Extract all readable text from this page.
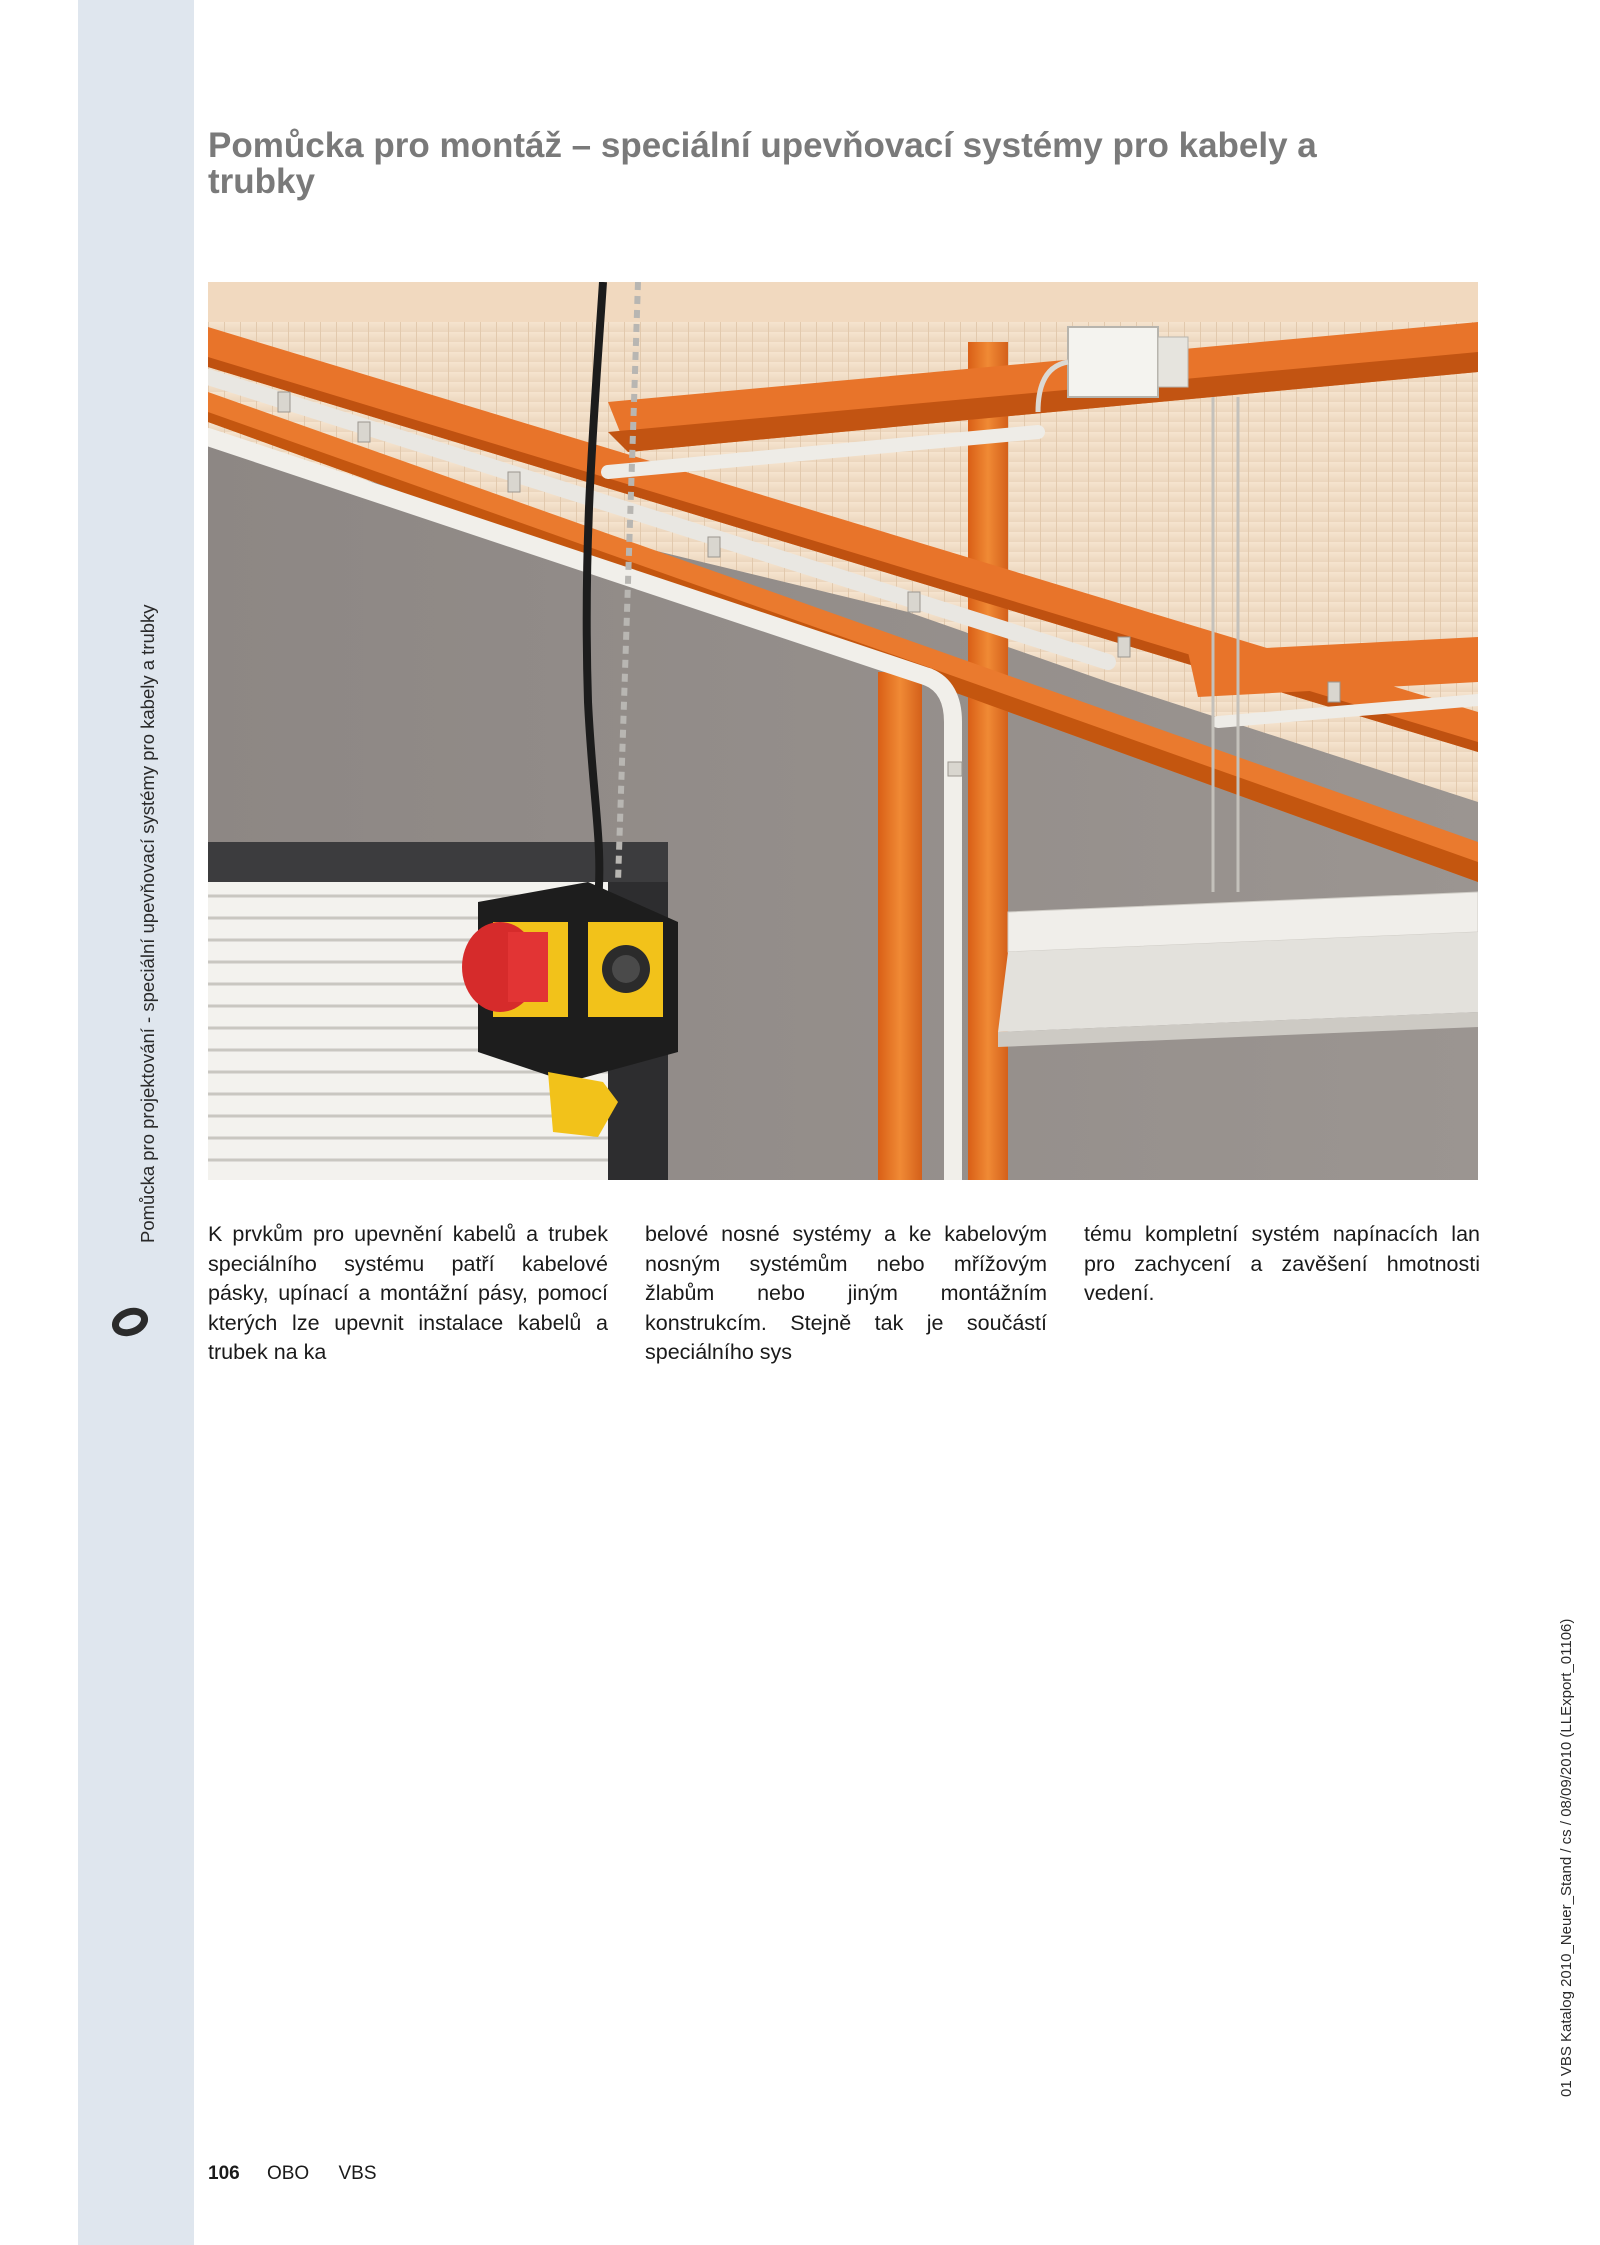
Pomůcka pro projektování - speciální upevňovací systémy pro kabely a trubky
Pomůcka pro montáž – speciální upevňovací systémy pro kabely a trubky

K prvkům pro upevnění kabelů a trubek speciálního systému patří kabelové pásky, upínací a montážní pásy, pomocí kterých lze upevnit instalace kabelů a trubek na ka

belové nosné systémy a ke kabelovým nosným systémům nebo mřížovým žlabům nebo jiným montážním konstrukcím. Stejně tak je součástí speciálního sys

tému kompletní systém napínacích lan pro zachycení a zavěšení hmotnosti vedení.

106 OBO VBS
01 VBS Katalog 2010_Neuer_Stand / cs / 08/09/2010 (LLExport_01106)
